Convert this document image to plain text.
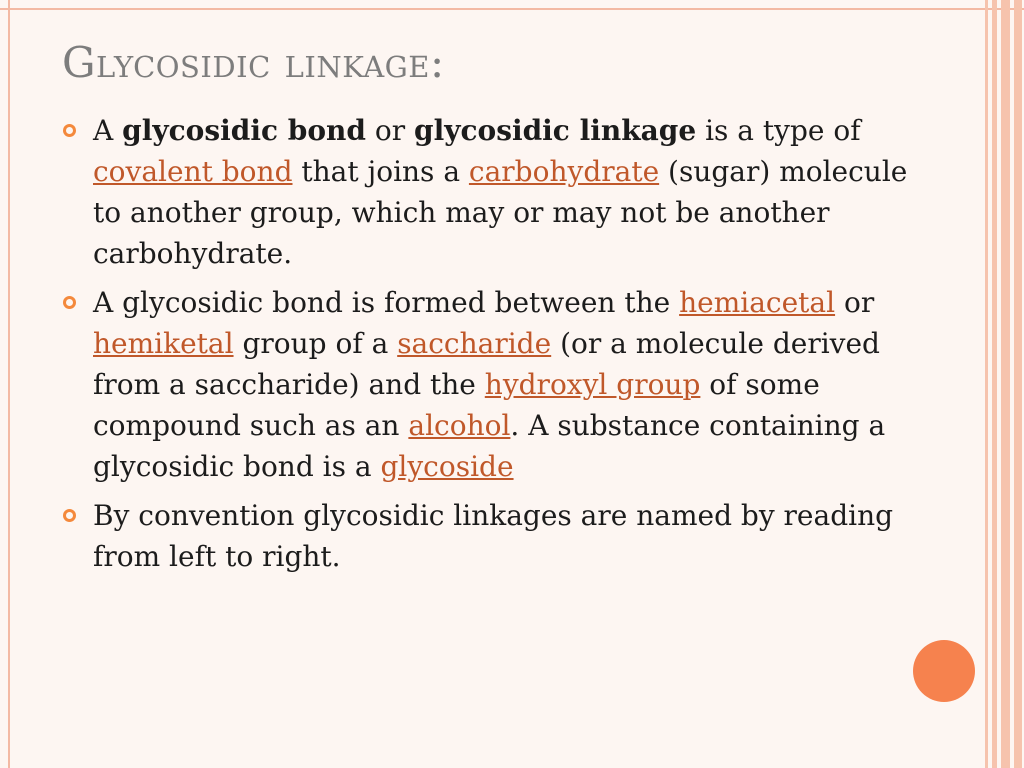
Glycosidic linkage:
A glycosidic bond or glycosidic linkage is a type of covalent bond that joins a carbohydrate (sugar) molecule to another group, which may or may not be another carbohydrate.
A glycosidic bond is formed between the hemiacetal or hemiketal group of a saccharide (or a molecule derived from a saccharide) and the hydroxyl group of some compound such as an alcohol. A substance containing a glycosidic bond is a glycoside
By convention glycosidic linkages are named by reading from left to right.
